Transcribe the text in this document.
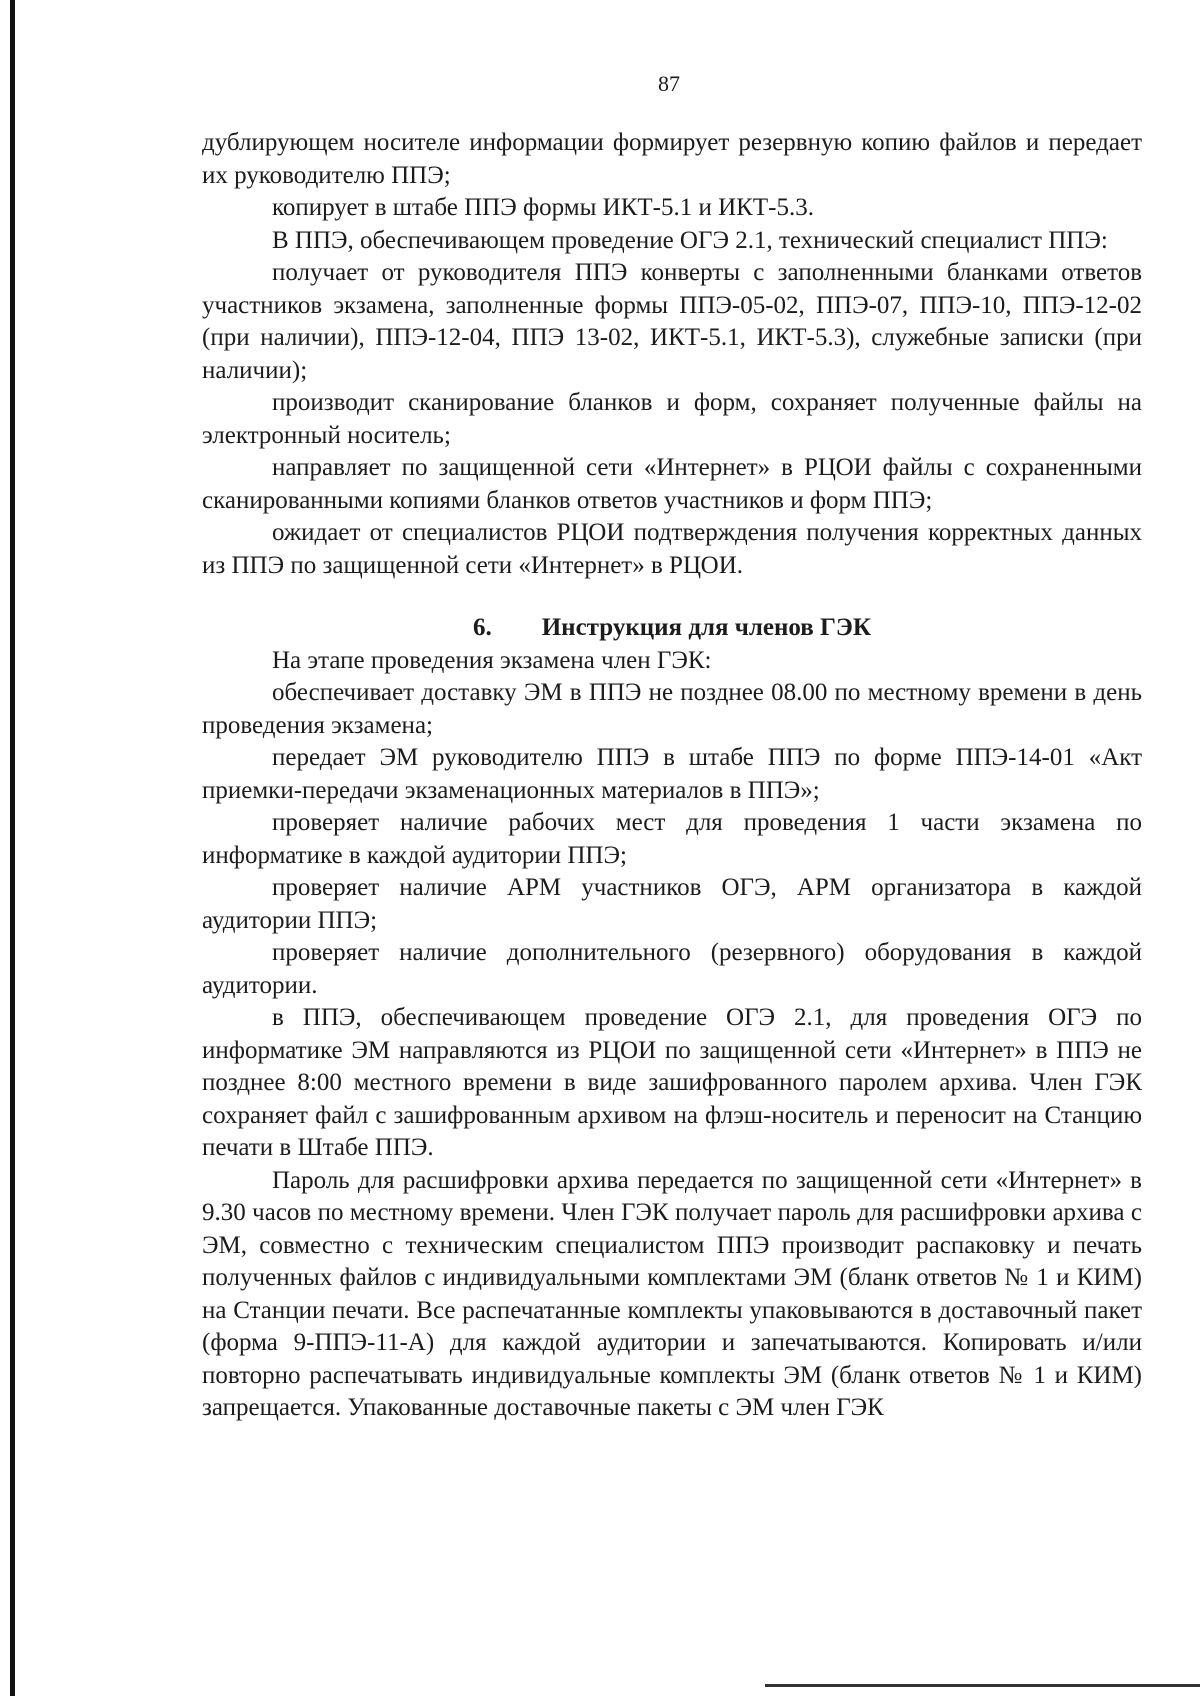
87

дублирующем носителе информации формирует резервную копию файлов и передает их руководителю ППЭ;

копирует в штабе ППЭ формы ИКТ-5.1 и ИКТ-5.3.

В ППЭ, обеспечивающем проведение ОГЭ 2.1, технический специалист ППЭ:

получает от руководителя ППЭ конверты с заполненными бланками ответов участников экзамена, заполненные формы ППЭ-05-02, ППЭ-07, ППЭ-10, ППЭ-12-02 (при наличии), ППЭ-12-04, ППЭ 13-02, ИКТ-5.1, ИКТ-5.3), служебные записки (при наличии);

производит сканирование бланков и форм, сохраняет полученные файлы на электронный носитель;

направляет по защищенной сети «Интернет» в РЦОИ файлы с сохраненными сканированными копиями бланков ответов участников и форм ППЭ;

ожидает от специалистов РЦОИ подтверждения получения корректных данных из ППЭ по защищенной сети «Интернет» в РЦОИ.

6. Инструкция для членов ГЭК

На этапе проведения экзамена член ГЭК:

обеспечивает доставку ЭМ в ППЭ не позднее 08.00 по местному времени в день проведения экзамена;

передает ЭМ руководителю ППЭ в штабе ППЭ по форме ППЭ-14-01 «Акт приемки-передачи экзаменационных материалов в ППЭ»;

проверяет наличие рабочих мест для проведения 1 части экзамена по информатике в каждой аудитории ППЭ;

проверяет наличие АРМ участников ОГЭ, АРМ организатора в каждой аудитории ППЭ;

проверяет наличие дополнительного (резервного) оборудования в каждой аудитории.

в ППЭ, обеспечивающем проведение ОГЭ 2.1, для проведения ОГЭ по информатике ЭМ направляются из РЦОИ по защищенной сети «Интернет» в ППЭ не позднее 8:00 местного времени в виде зашифрованного паролем архива. Член ГЭК сохраняет файл с зашифрованным архивом на флэш-носитель и переносит на Станцию печати в Штабе ППЭ.

Пароль для расшифровки архива передается по защищенной сети «Интернет» в 9.30 часов по местному времени. Член ГЭК получает пароль для расшифровки архива с ЭМ, совместно с техническим специалистом ППЭ производит распаковку и печать полученных файлов с индивидуальными комплектами ЭМ (бланк ответов № 1 и КИМ) на Станции печати. Все распечатанные комплекты упаковываются в доставочный пакет (форма 9-ППЭ-11-А) для каждой аудитории и запечатываются. Копировать и/или повторно распечатывать индивидуальные комплекты ЭМ (бланк ответов № 1 и КИМ) запрещается. Упакованные доставочные пакеты с ЭМ член ГЭК
